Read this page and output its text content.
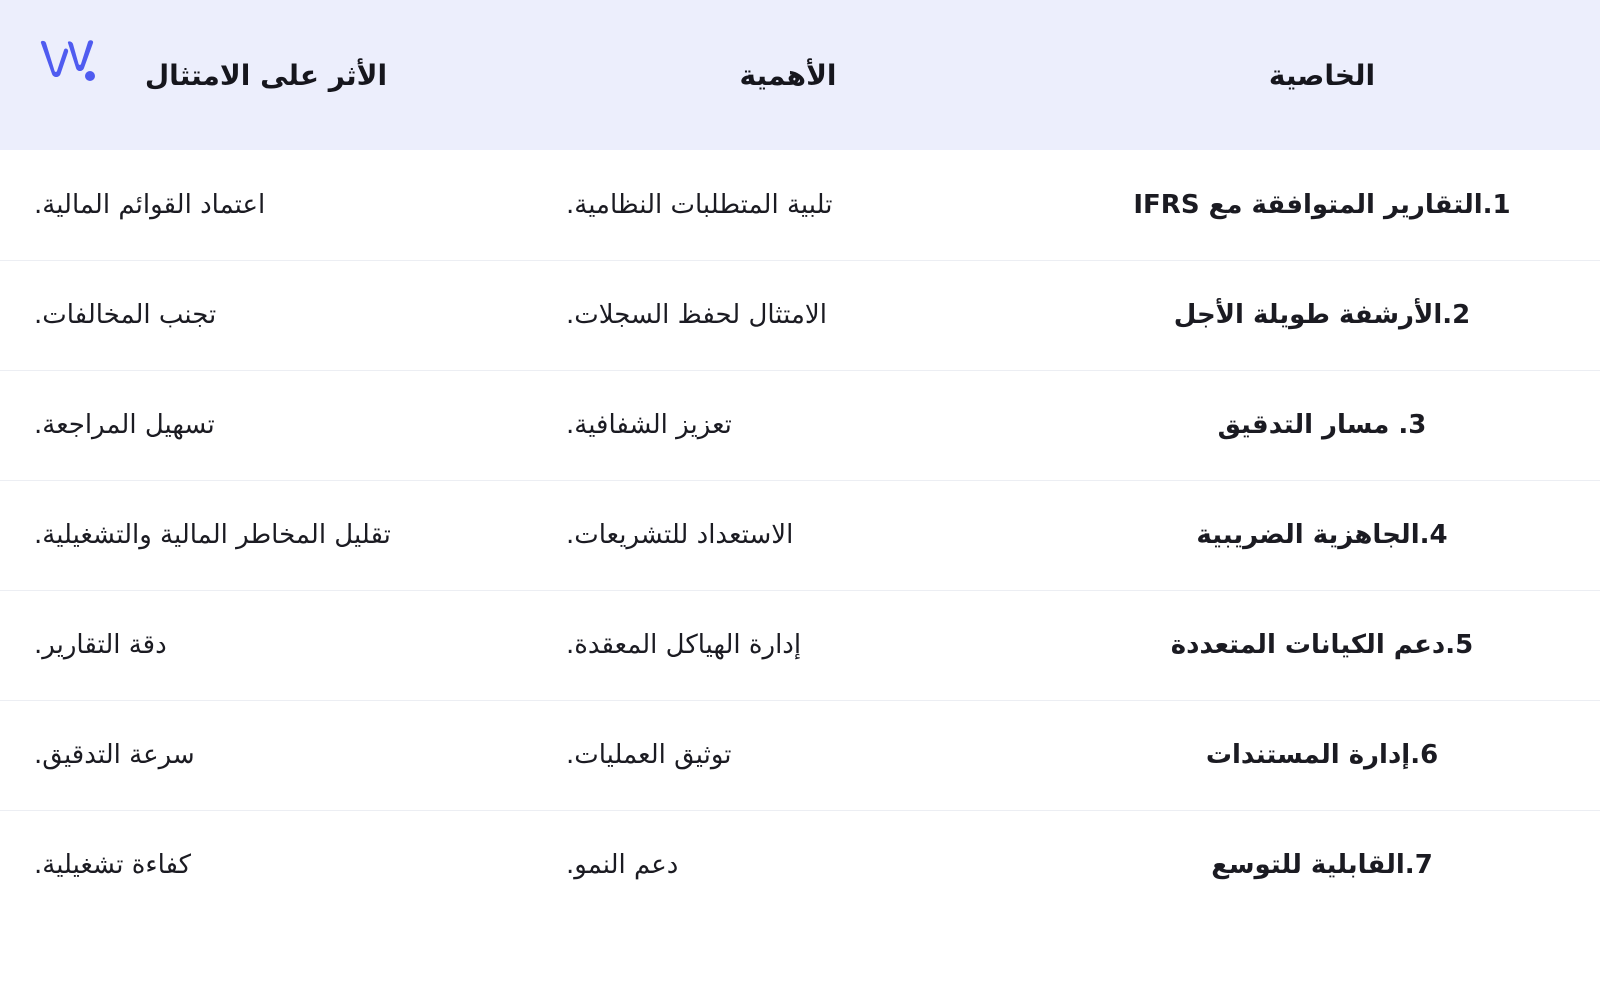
الخاصية	الأهمية	الأثر على الامتثال
1.التقارير المتوافقة مع IFRS	تلبية المتطلبات النظامية.	اعتماد القوائم المالية.
2.الأرشفة طويلة الأجل	الامتثال لحفظ السجلات.	تجنب المخالفات.
3. مسار التدقيق	تعزيز الشفافية.	تسهيل المراجعة.
4.الجاهزية الضريبية	الاستعداد للتشريعات.	تقليل المخاطر المالية والتشغيلية.
5.دعم الكيانات المتعددة	إدارة الهياكل المعقدة.	دقة التقارير.
6.إدارة المستندات	توثيق العمليات.	سرعة التدقيق.
7.القابلية للتوسع	دعم النمو.	كفاءة تشغيلية.
